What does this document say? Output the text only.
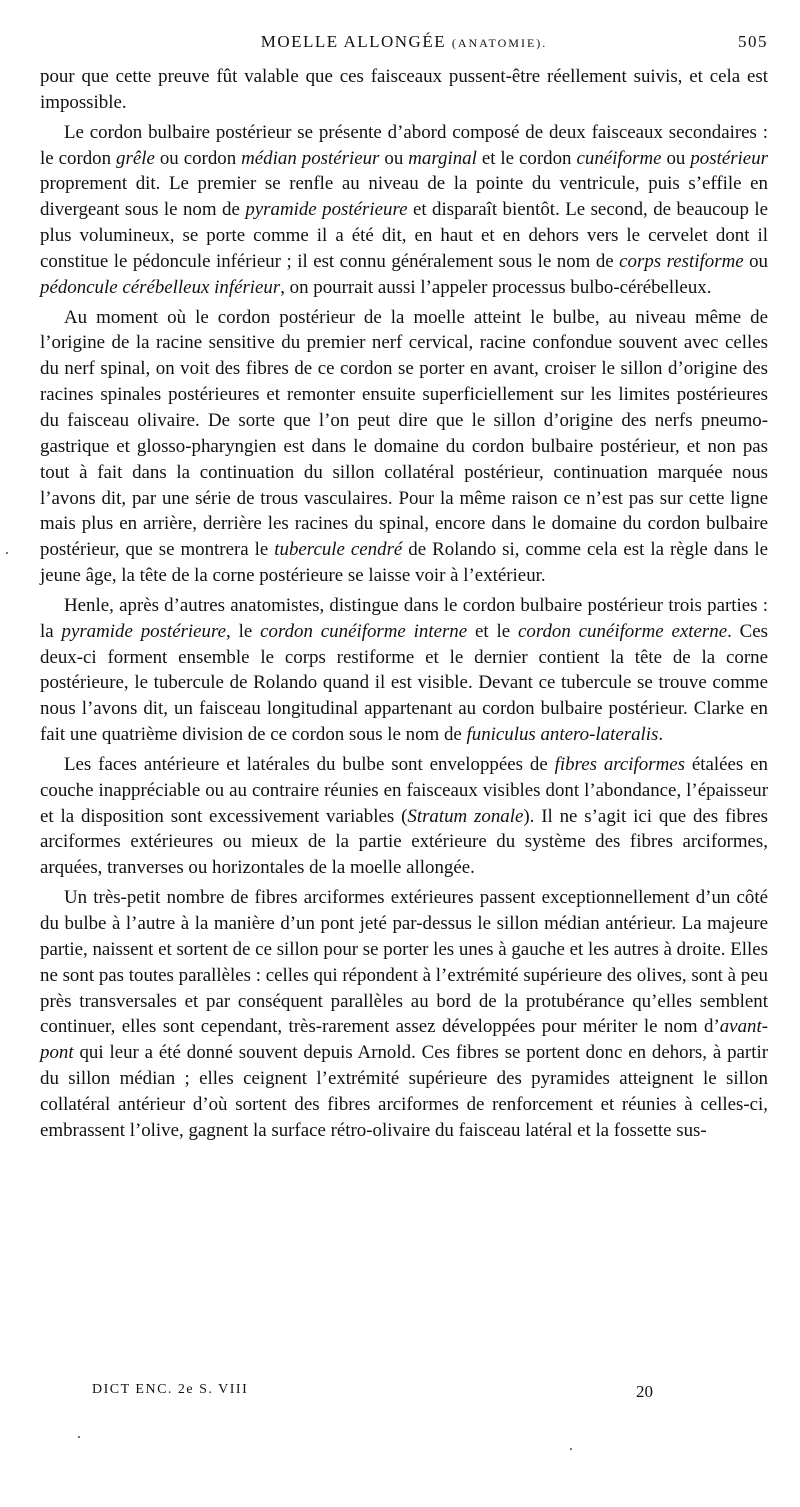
MOELLE ALLONGÉE (ANATOMIE).	505

pour que cette preuve fût valable que ces faisceaux pussent-être réellement suivis, et cela est impossible.

Le cordon bulbaire postérieur se présente d’abord composé de deux faisceaux secondaires : le cordon grêle ou cordon médian postérieur ou marginal et le cordon cunéiforme ou postérieur proprement dit. Le premier se renfle au niveau de la pointe du ventricule, puis s’effile en divergeant sous le nom de pyramide postérieure et disparaît bientôt. Le second, de beaucoup le plus volumineux, se porte comme il a été dit, en haut et en dehors vers le cervelet dont il constitue le pédoncule inférieur ; il est connu généralement sous le nom de corps restiforme ou pédoncule cérébelleux inférieur, on pourrait aussi l’appeler processus bulbo-cérébelleux.

Au moment où le cordon postérieur de la moelle atteint le bulbe, au niveau même de l’origine de la racine sensitive du premier nerf cervical, racine confondue souvent avec celles du nerf spinal, on voit des fibres de ce cordon se porter en avant, croiser le sillon d’origine des racines spinales postérieures et remonter ensuite superficiellement sur les limites postérieures du faisceau olivaire. De sorte que l’on peut dire que le sillon d’origine des nerfs pneumo-gastrique et glosso-pharyngien est dans le domaine du cordon bulbaire postérieur, et non pas tout à fait dans la continuation du sillon collatéral postérieur, continuation marquée nous l’avons dit, par une série de trous vasculaires. Pour la même raison ce n’est pas sur cette ligne mais plus en arrière, derrière les racines du spinal, encore dans le domaine du cordon bulbaire postérieur, que se montrera le tubercule cendré de Rolando si, comme cela est la règle dans le jeune âge, la tête de la corne postérieure se laisse voir à l’extérieur.

Henle, après d’autres anatomistes, distingue dans le cordon bulbaire postérieur trois parties : la pyramide postérieure, le cordon cunéiforme interne et le cordon cunéiforme externe. Ces deux-ci forment ensemble le corps restiforme et le dernier contient la tête de la corne postérieure, le tubercule de Rolando quand il est visible. Devant ce tubercule se trouve comme nous l’avons dit, un faisceau longitudinal appartenant au cordon bulbaire postérieur. Clarke en fait une quatrième division de ce cordon sous le nom de funiculus antero-lateralis.

Les faces antérieure et latérales du bulbe sont enveloppées de fibres arciformes étalées en couche inappréciable ou au contraire réunies en faisceaux visibles dont l’abondance, l’épaisseur et la disposition sont excessivement variables (Stratum zonale). Il ne s’agit ici que des fibres arciformes extérieures ou mieux de la partie extérieure du système des fibres arciformes, arquées, tranverses ou horizontales de la moelle allongée.

Un très-petit nombre de fibres arciformes extérieures passent exceptionnellement d’un côté du bulbe à l’autre à la manière d’un pont jeté par-dessus le sillon médian antérieur. La majeure partie, naissent et sortent de ce sillon pour se porter les unes à gauche et les autres à droite. Elles ne sont pas toutes parallèles : celles qui répondent à l’extrémité supérieure des olives, sont à peu près transversales et par conséquent parallèles au bord de la protubérance qu’elles semblent continuer, elles sont cependant, très-rarement assez développées pour mériter le nom d’avant-pont qui leur a été donné souvent depuis Arnold. Ces fibres se portent donc en dehors, à partir du sillon médian ; elles ceignent l’extrémité supérieure des pyramides atteignent le sillon collatéral antérieur d’où sortent des fibres arciformes de renforcement et réunies à celles-ci, embrassent l’olive, gagnent la surface rétro-olivaire du faisceau latéral et la fossette sus-

DICT ENC. 2e S. VIII	20
